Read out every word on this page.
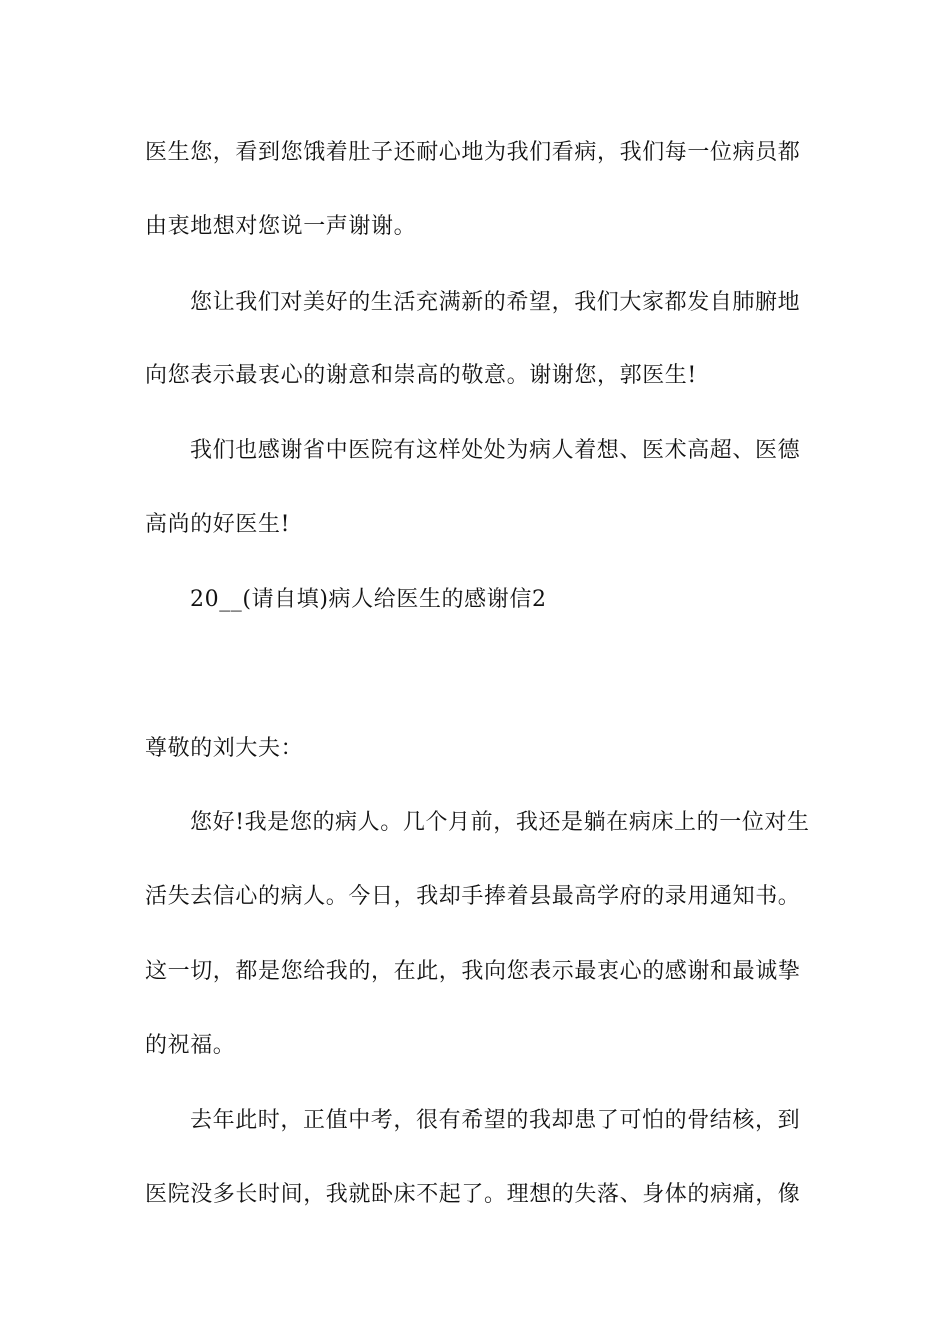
医生您，看到您饿着肚子还耐心地为我们看病，我们每一位病员都
由衷地想对您说一声谢谢。
您让我们对美好的生活充满新的希望，我们大家都发自肺腑地
向您表示最衷心的谢意和崇高的敬意。谢谢您，郭医生!
我们也感谢省中医院有这样处处为病人着想、医术高超、医德
高尚的好医生!
20__(请自填)病人给医生的感谢信2
尊敬的刘大夫：
您好!我是您的病人。几个月前，我还是躺在病床上的一位对生
活失去信心的病人。今日，我却手捧着县最高学府的录用通知书。
这一切，都是您给我的，在此，我向您表示最衷心的感谢和最诚挚
的祝福。
去年此时，正值中考，很有希望的我却患了可怕的骨结核，到
医院没多长时间，我就卧床不起了。理想的失落、身体的病痛，像
